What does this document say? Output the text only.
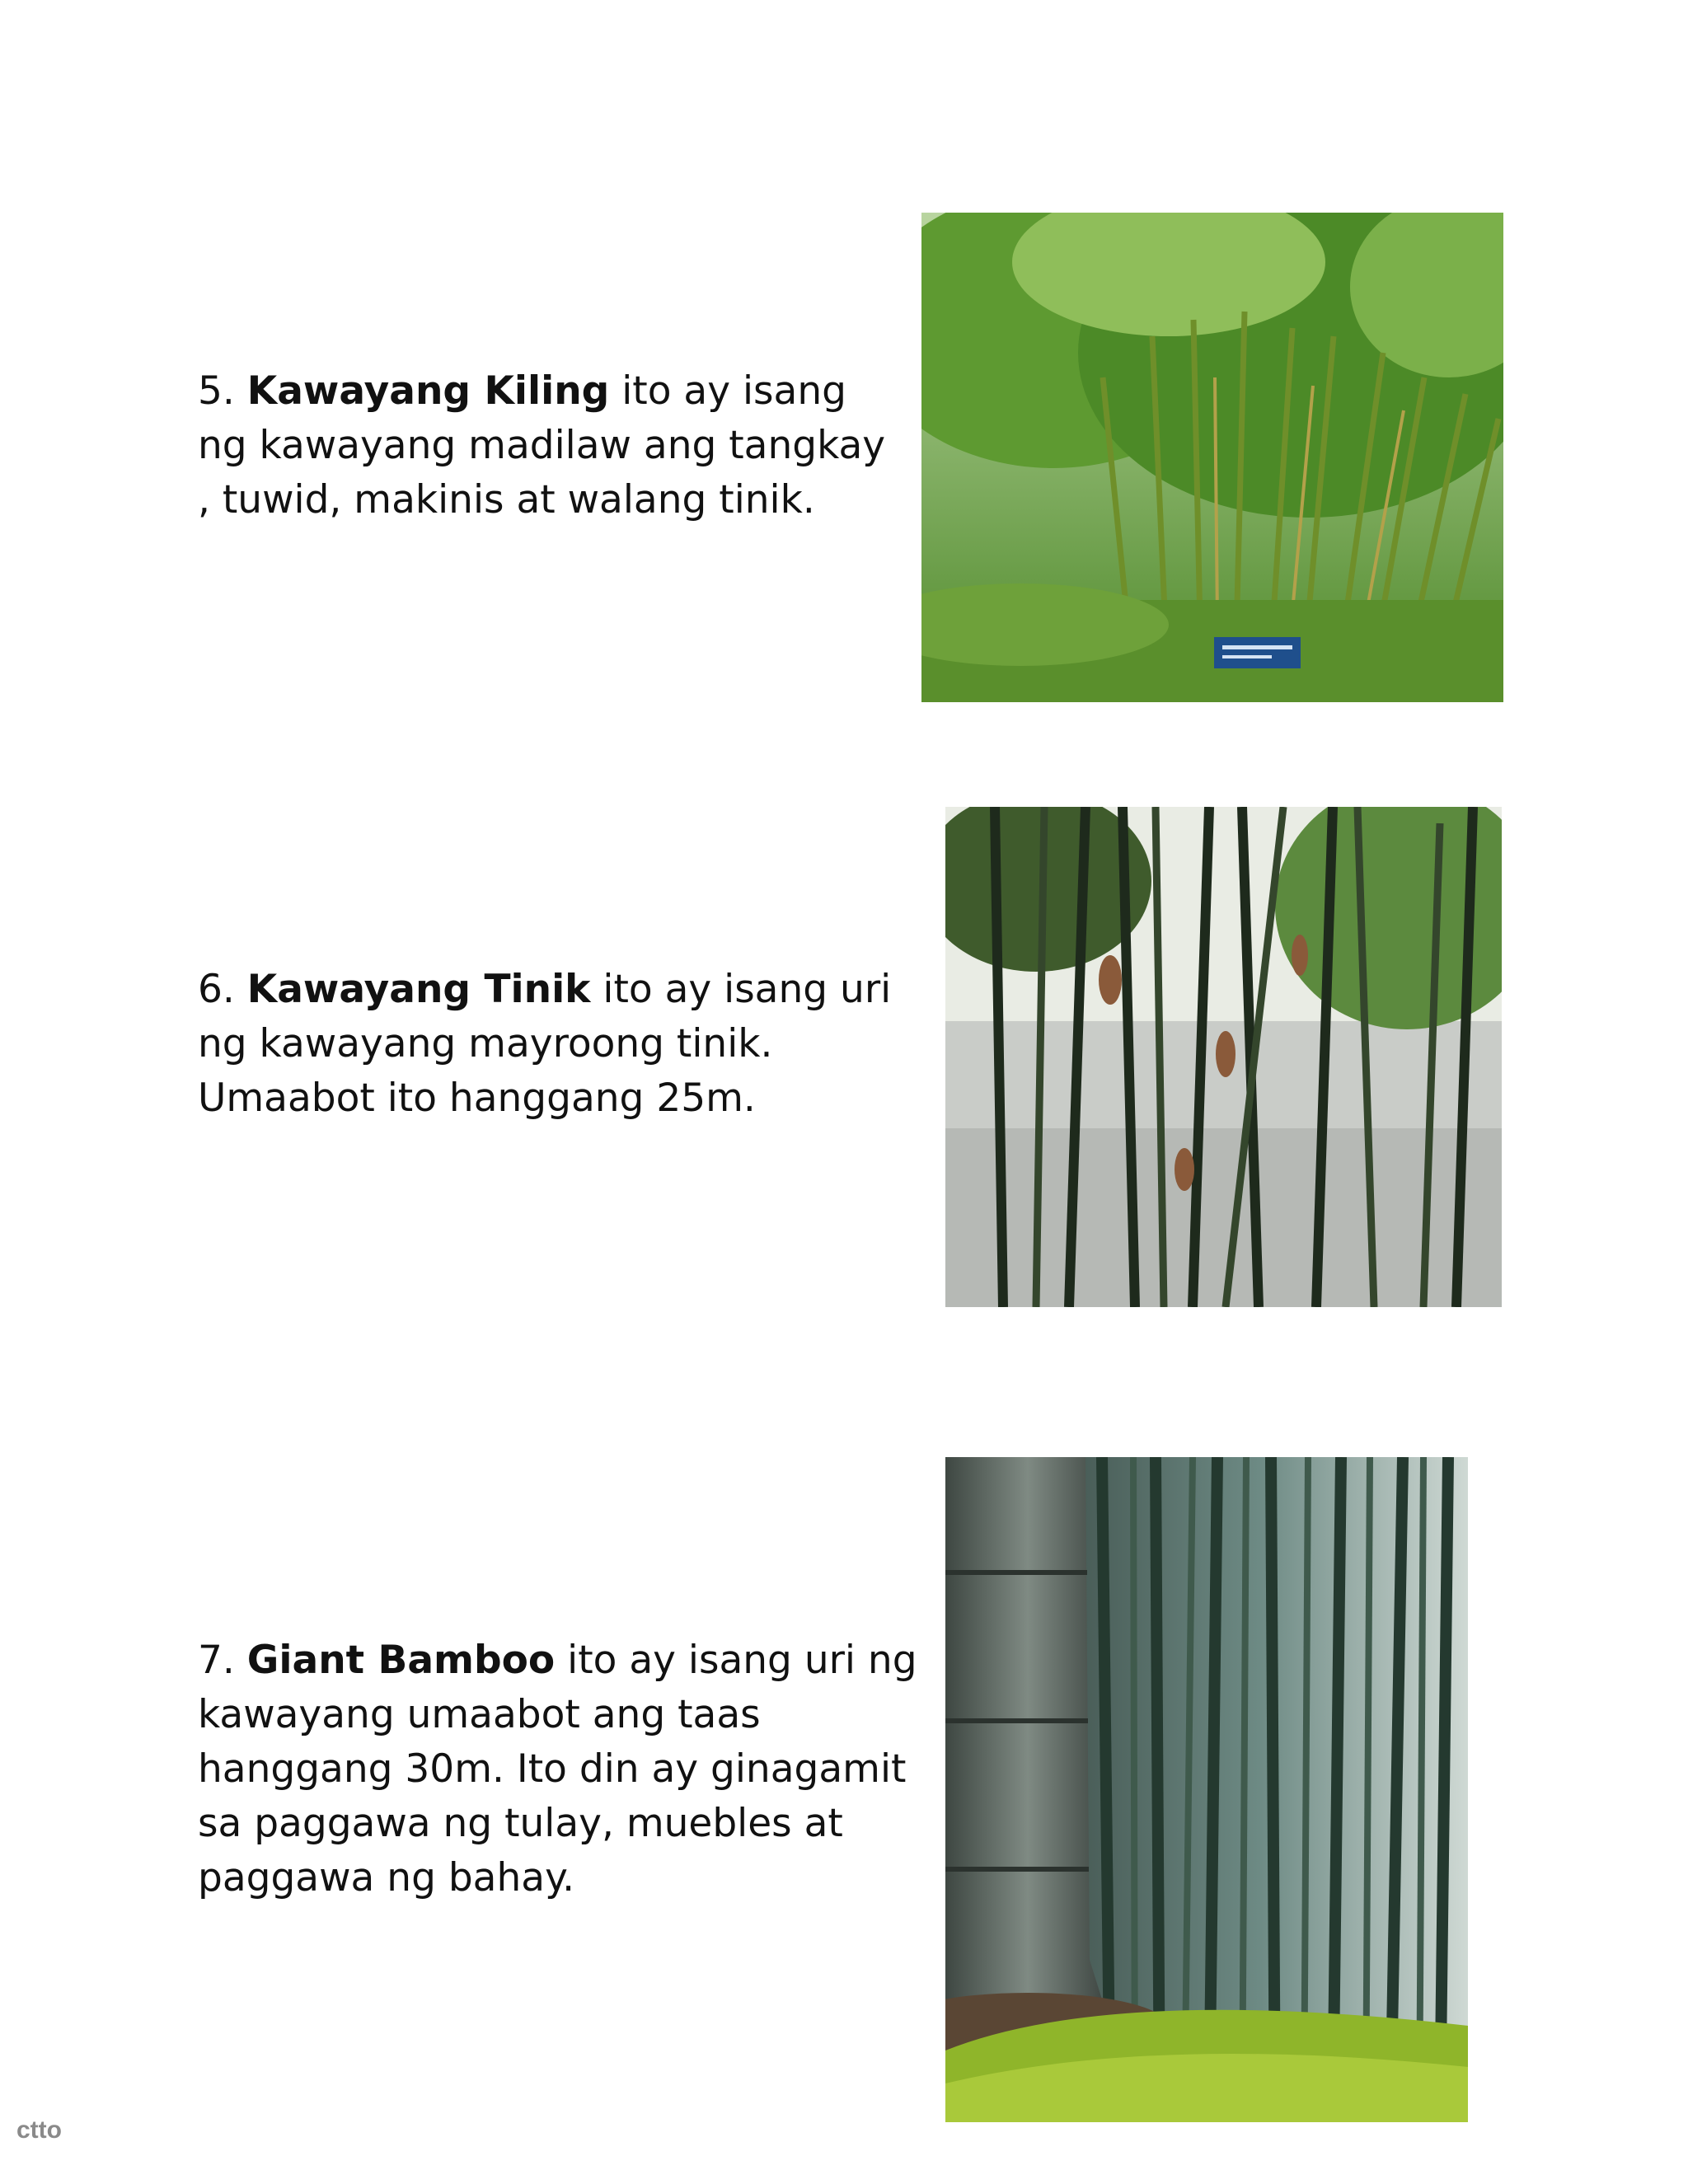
5. Kawayang Kiling ito ay isang ng kawayang madilaw ang tangkay , tuwid, makinis at walang tinik.

6. Kawayang Tinik ito ay isang uri ng kawayang mayroong tinik. Umaabot ito hanggang 25m.

7. Giant Bamboo ito ay isang uri ng kawayang umaabot ang taas hanggang 30m. Ito din ay ginagamit sa paggawa ng tulay, muebles at paggawa ng bahay.

ctto
